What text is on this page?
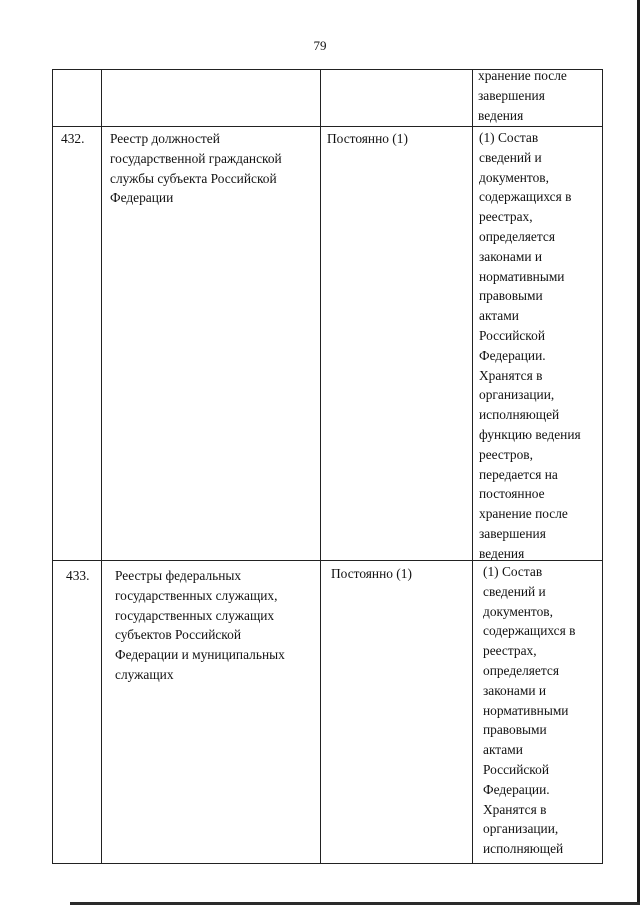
79
хранение после
завершения
ведения
432. Реестр должностей
государственной гражданской
службы субъекта Российской
Федерации
Постоянно (1)	(1) Состав
сведений и
документов,
содержащихся в
реестрах,
определяется
законами и
нормативными
правовыми
актами
Российской
Федерации.
Хранятся в
организации,
исполняющей
функцию ведения
реестров,
передается на
постоянное
хранение после
завершения
ведения
433. Реестры федеральных
государственных служащих,
государственных служащих
субъектов Российской
Федерации и муниципальных
служащих
Постоянно (1)	(1) Состав
сведений и
документов,
содержащихся в
реестрах,
определяется
законами и
нормативными
правовыми
актами
Российской
Федерации.
Хранятся в
организации,
исполняющей
